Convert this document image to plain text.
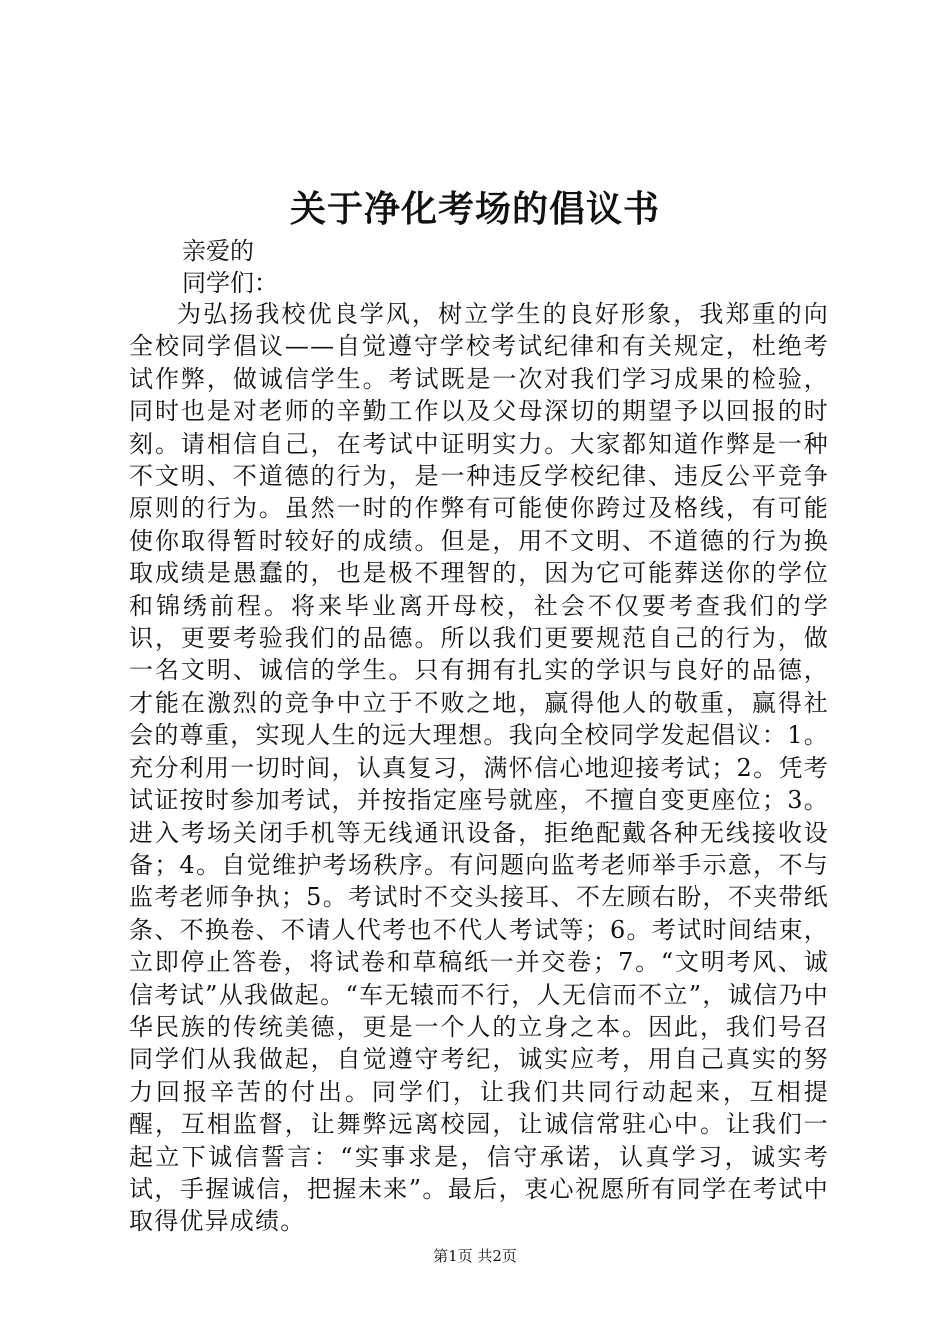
关于净化考场的倡议书

亲爱的

同学们：

为弘扬我校优良学风，树立学生的良好形象，我郑重的向全校同学倡议——自觉遵守学校考试纪律和有关规定，杜绝考试作弊，做诚信学生。考试既是一次对我们学习成果的检验，同时也是对老师的辛勤工作以及父母深切的期望予以回报的时刻。请相信自己，在考试中证明实力。大家都知道作弊是一种不文明、不道德的行为，是一种违反学校纪律、违反公平竞争原则的行为。虽然一时的作弊有可能使你跨过及格线，有可能使你取得暂时较好的成绩。但是，用不文明、不道德的行为换取成绩是愚蠢的，也是极不理智的，因为它可能葬送你的学位和锦绣前程。将来毕业离开母校，社会不仅要考查我们的学识，更要考验我们的品德。所以我们更要规范自己的行为，做一名文明、诚信的学生。只有拥有扎实的学识与良好的品德，才能在激烈的竞争中立于不败之地，赢得他人的敬重，赢得社会的尊重，实现人生的远大理想。我向全校同学发起倡议：1。充分利用一切时间，认真复习，满怀信心地迎接考试；2。凭考试证按时参加考试，并按指定座号就座，不擅自变更座位；3。进入考场关闭手机等无线通讯设备，拒绝配戴各种无线接收设备；4。自觉维护考场秩序。有问题向监考老师举手示意，不与监考老师争执；5。考试时不交头接耳、不左顾右盼，不夹带纸条、不换卷、不请人代考也不代人考试等；6。考试时间结束，立即停止答卷，将试卷和草稿纸一并交卷；7。“文明考风、诚信考试”从我做起。“车无辕而不行，人无信而不立”，诚信乃中华民族的传统美德，更是一个人的立身之本。因此，我们号召同学们从我做起，自觉遵守考纪，诚实应考，用自己真实的努力回报辛苦的付出。同学们，让我们共同行动起来，互相提醒，互相监督，让舞弊远离校园，让诚信常驻心中。让我们一起立下诚信誓言：“实事求是，信守承诺，认真学习，诚实考试，手握诚信，把握未来”。最后，衷心祝愿所有同学在考试中取得优异成绩。

第1页 共2页
